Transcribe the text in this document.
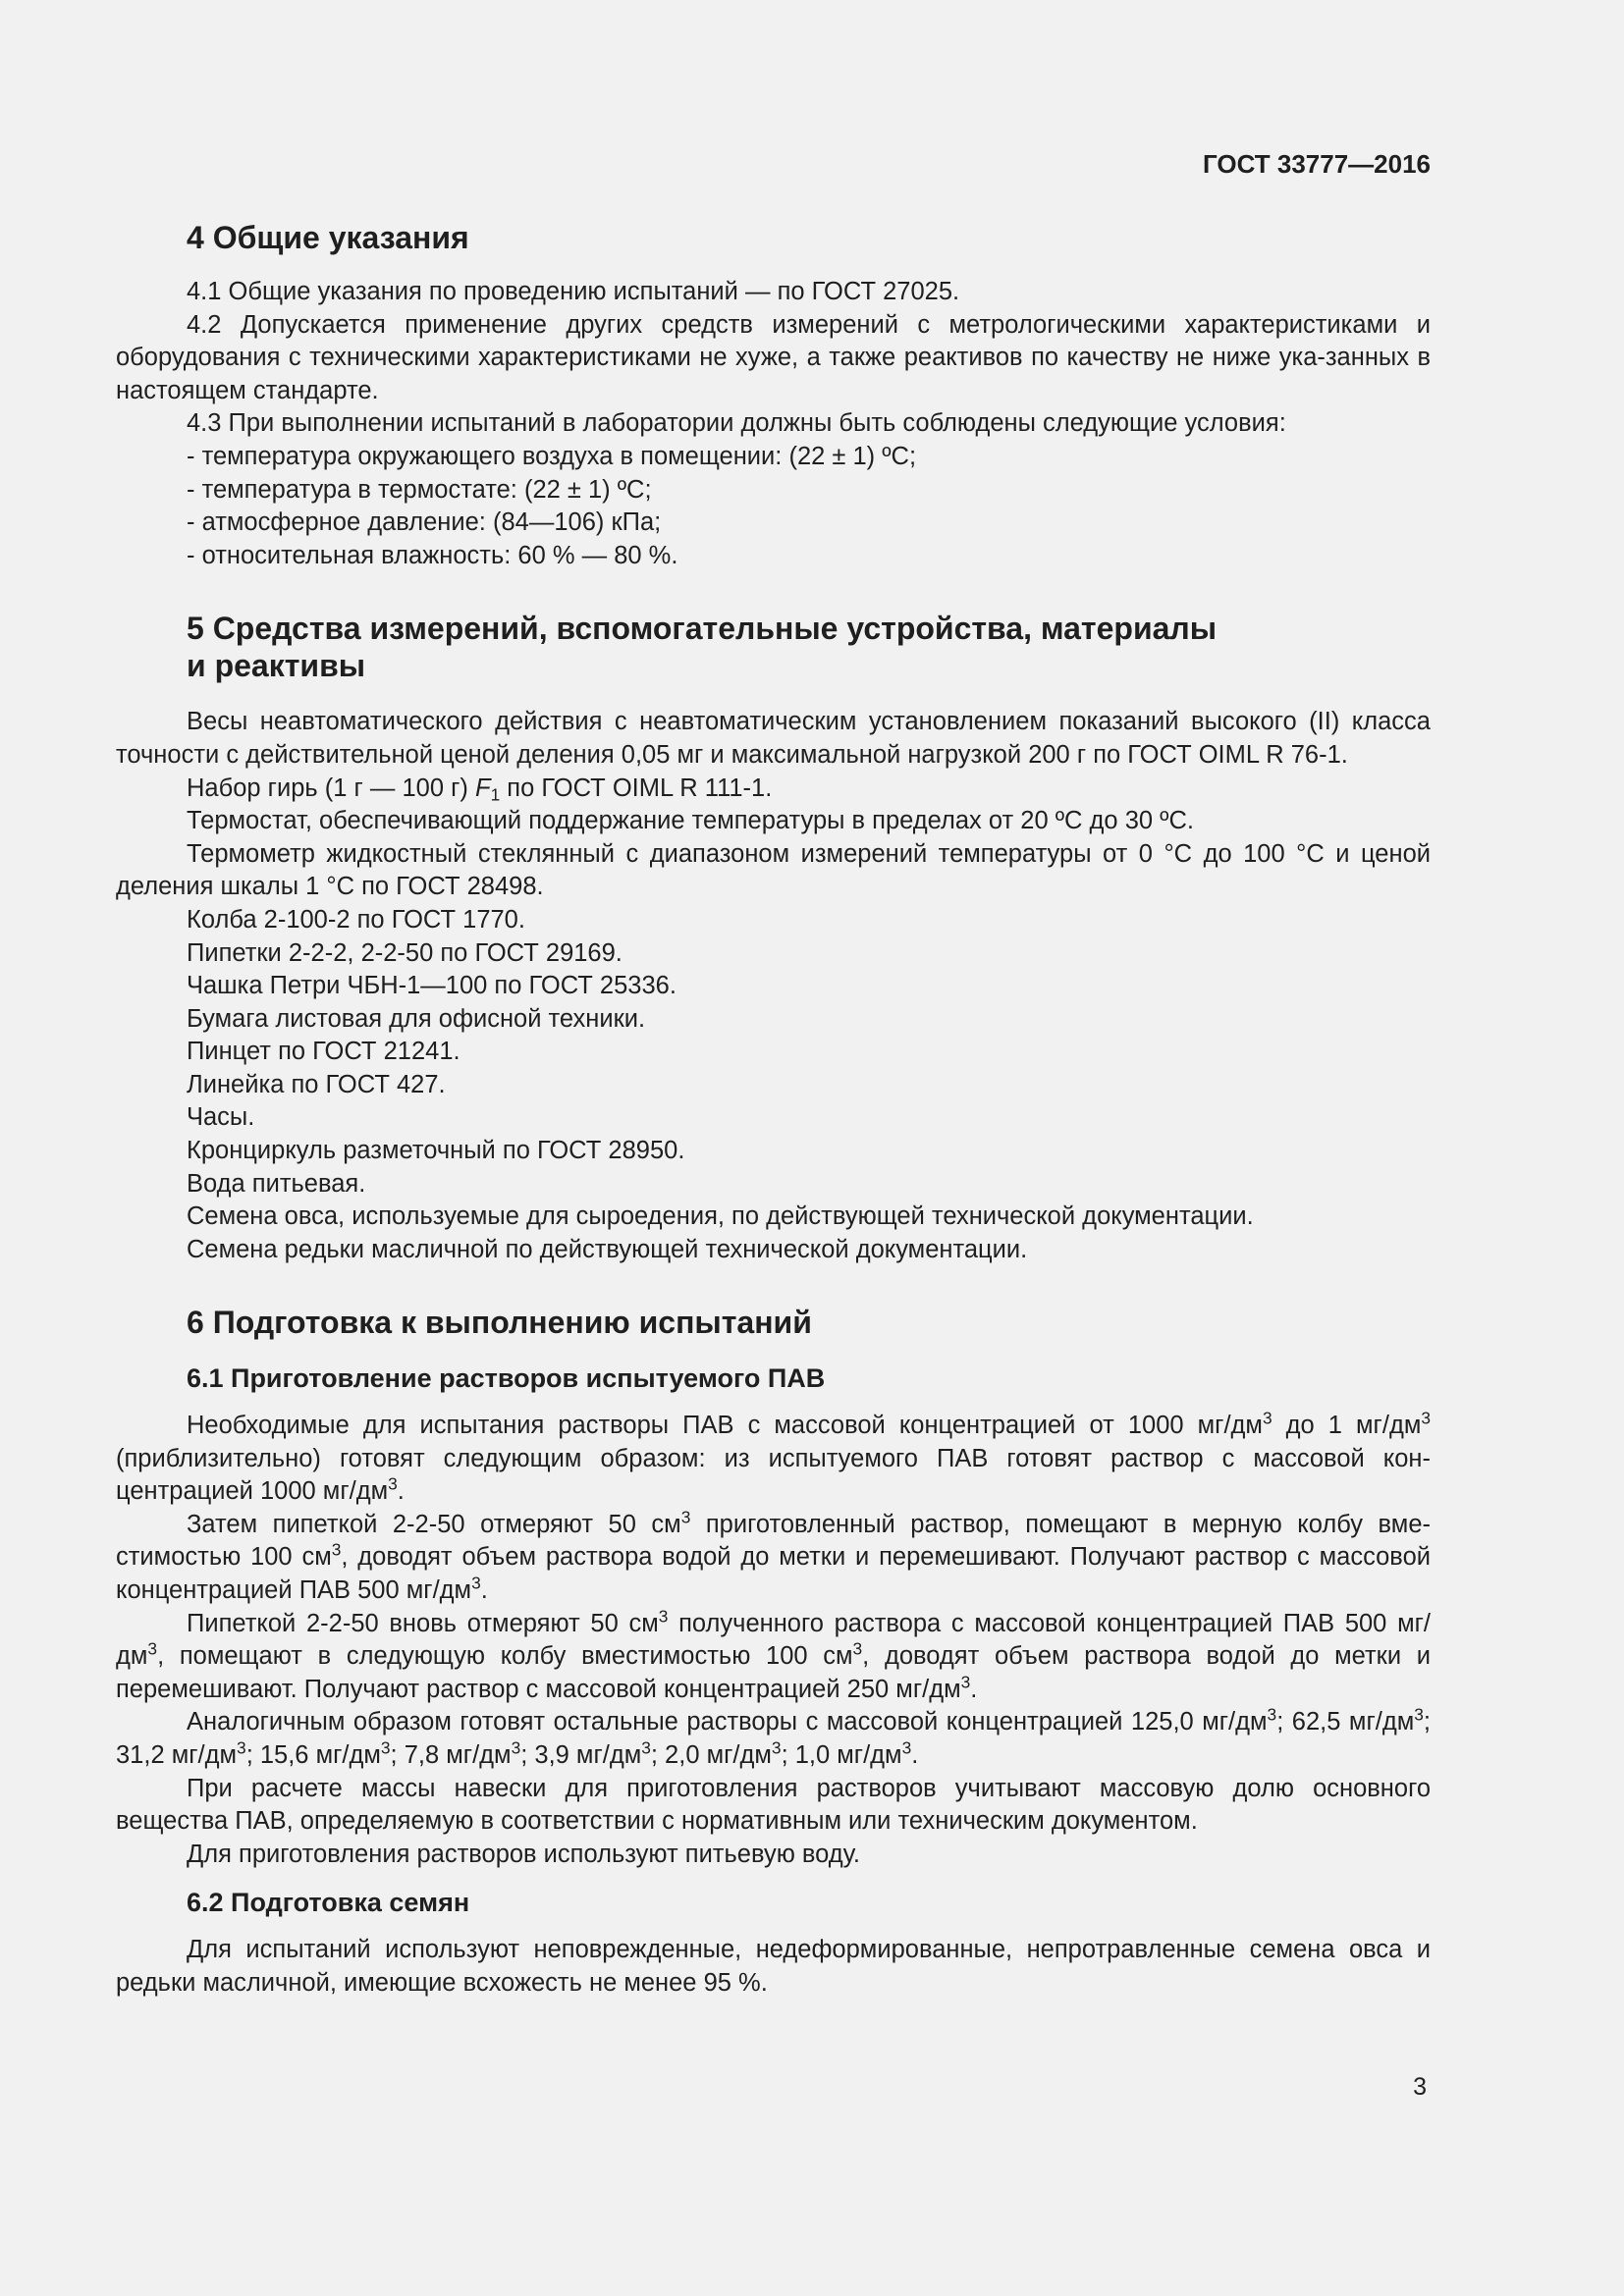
ГОСТ 33777—2016
4 Общие указания
4.1 Общие указания по проведению испытаний — по ГОСТ 27025.
4.2 Допускается применение других средств измерений с метрологическими характеристиками и оборудования с техническими характеристиками не хуже, а также реактивов по качеству не ниже ука-занных в настоящем стандарте.
4.3 При выполнении испытаний в лаборатории должны быть соблюдены следующие условия:
- температура окружающего воздуха в помещении: (22 ± 1) ºС;
- температура в термостате: (22 ± 1) ºС;
- атмосферное давление: (84—106) кПа;
- относительная влажность: 60 % — 80 %.
5 Средства измерений, вспомогательные устройства, материалы
и реактивы
Весы неавтоматического действия с неавтоматическим установлением показаний высокого (II) класса точности с действительной ценой деления 0,05 мг и максимальной нагрузкой 200 г по ГОСТ OIML R 76-1.
Набор гирь (1 г — 100 г) $F_1$ по ГОСТ OIML R 111-1.
Термостат, обеспечивающий поддержание температуры в пределах от 20 ºС до 30 ºС.
Термометр жидкостный стеклянный с диапазоном измерений температуры от 0 °С до 100 °С и ценой деления шкалы 1 °С по ГОСТ 28498.
Колба 2-100-2 по ГОСТ 1770.
Пипетки 2-2-2, 2-2-50 по ГОСТ 29169.
Чашка Петри ЧБН-1—100 по ГОСТ 25336.
Бумага листовая для офисной техники.
Пинцет по ГОСТ 21241.
Линейка по ГОСТ 427.
Часы.
Кронциркуль разметочный по ГОСТ 28950.
Вода питьевая.
Семена овса, используемые для сыроедения, по действующей технической документации.
Семена редьки масличной по действующей технической документации.
6 Подготовка к выполнению испытаний
6.1 Приготовление растворов испытуемого ПАВ
Необходимые для испытания растворы ПАВ с массовой концентрацией от 1000 $мг/дм^3$ до 1 $мг/дм^3$ (приблизительно) готовят следующим образом: из испытуемого ПАВ готовят раствор с массовой кон-центрацией 1000 $мг/дм^3$.
Затем пипеткой 2-2-50 отмеряют 50 $см^3$ приготовленный раствор, помещают в мерную колбу вме-стимостью 100 $см^3$, доводят объем раствора водой до метки и перемешивают. Получают раствор с массовой концентрацией ПАВ 500 $мг/дм^3$.
Пипеткой 2-2-50 вновь отмеряют 50 $см^3$ полученного раствора с массовой концентрацией ПАВ 500 $мг/дм^3$, помещают в следующую колбу вместимостью 100 $см^3$, доводят объем раствора водой до метки и перемешивают. Получают раствор с массовой концентрацией 250 $мг/дм^3$.
Аналогичным образом готовят остальные растворы с массовой концентрацией 125,0 $мг/дм^3$; 62,5 $мг/дм^3$; 31,2 $мг/дм^3$; 15,6 $мг/дм^3$; 7,8 $мг/дм^3$; 3,9 $мг/дм^3$; 2,0 $мг/дм^3$; 1,0 $мг/дм^3$.
При расчете массы навески для приготовления растворов учитывают массовую долю основного вещества ПАВ, определяемую в соответствии с нормативным или техническим документом.
Для приготовления растворов используют питьевую воду.
6.2 Подготовка семян
Для испытаний используют неповрежденные, недеформированные, непротравленные семена овса и редьки масличной, имеющие всхожесть не менее 95 %.
3
